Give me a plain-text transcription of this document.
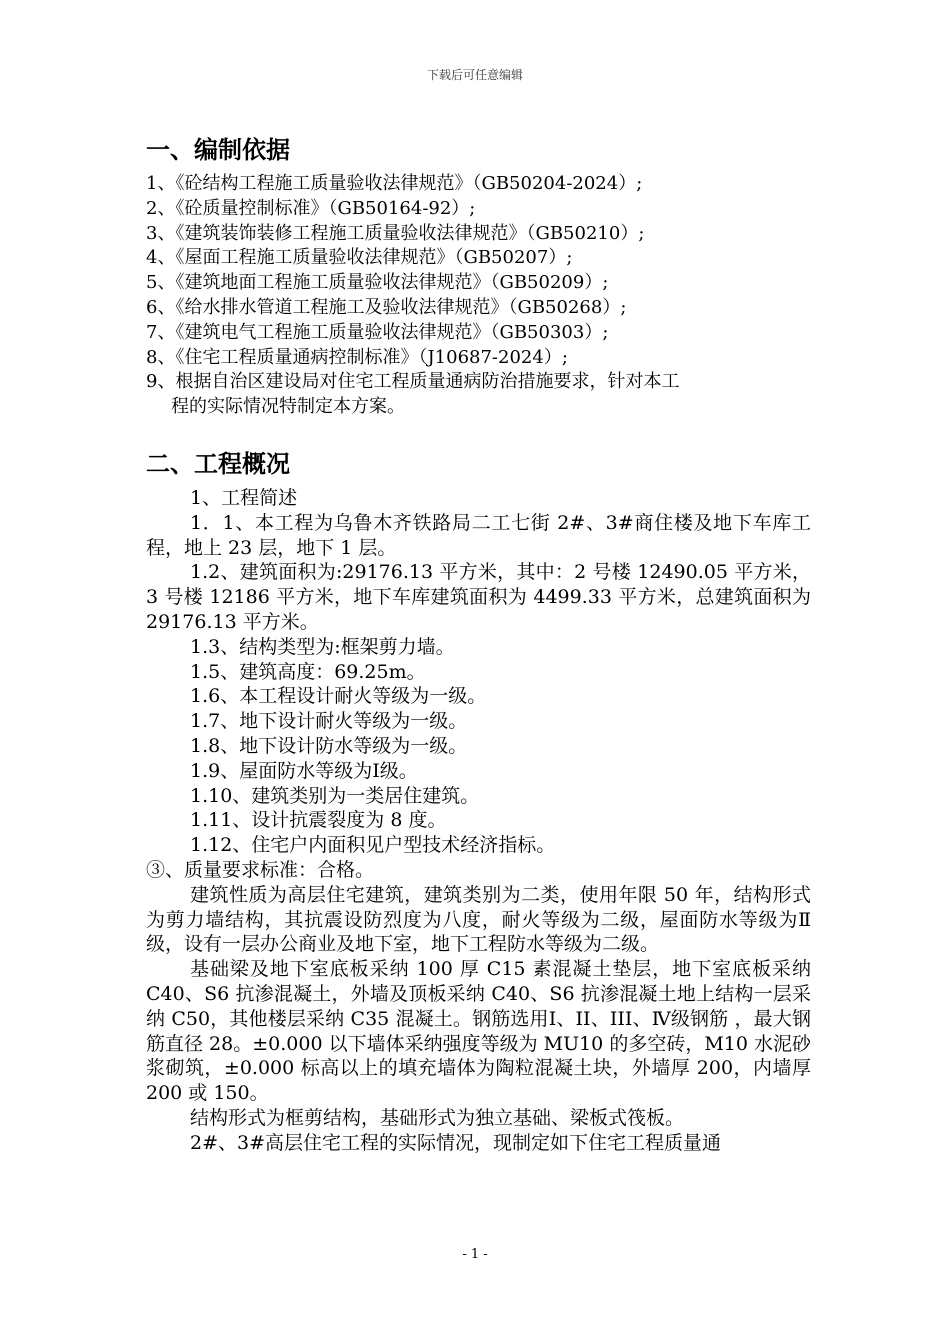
下载后可任意编辑
一、编制依据
1、《砼结构工程施工质量验收法律规范》（GB50204-2024）;
2、《砼质量控制标准》（GB50164-92）;
3、《建筑装饰装修工程施工质量验收法律规范》（GB50210）;
4、《屋面工程施工质量验收法律规范》（GB50207）;
5、《建筑地面工程施工质量验收法律规范》（GB50209）;
6、《给水排水管道工程施工及验收法律规范》（GB50268）;
7、《建筑电气工程施工质量验收法律规范》（GB50303）;
8、《住宅工程质量通病控制标准》（J10687-2024）;
9、根据自治区建设局对住宅工程质量通病防治措施要求，针对本工
程的实际情况特制定本方案。
二、工程概况
1、工程简述
1．1、本工程为乌鲁木齐铁路局二工七街 2#、3#商住楼及地下车库工程，地上 23 层，地下 1 层。
1.2、建筑面积为:29176.13 平方米，其中：2 号楼 12490.05 平方米，3 号楼 12186 平方米，地下车库建筑面积为 4499.33 平方米，总建筑面积为 29176.13 平方米。
1.3、结构类型为:框架剪力墙。
1.5、建筑高度：69.25m。
1.6、本工程设计耐火等级为一级。
1.7、地下设计耐火等级为一级。
1.8、地下设计防水等级为一级。
1.9、屋面防水等级为Ⅰ级。
1.10、建筑类别为一类居住建筑。
1.11、设计抗震裂度为 8 度。
1.12、住宅户内面积见户型技术经济指标。
③、质量要求标准：合格。
建筑性质为高层住宅建筑，建筑类别为二类，使用年限 50 年，结构形式为剪力墙结构，其抗震设防烈度为八度，耐火等级为二级，屋面防水等级为Ⅱ级，设有一层办公商业及地下室，地下工程防水等级为二级。
基础梁及地下室底板采纳 100 厚 C15 素混凝土垫层，地下室底板采纳 C40、S6 抗渗混凝土，外墙及顶板采纳 C40、S6 抗渗混凝土地上结构一层采纳 C50，其他楼层采纳 C35 混凝土。钢筋选用Ⅰ、II、III、Ⅳ级钢筋 ，最大钢筋直径 28。±0.000 以下墙体采纳强度等级为 MU10 的多空砖，M10 水泥砂浆砌筑，±0.000 标高以上的填充墙体为陶粒混凝土块，外墙厚 200，内墙厚 200 或 150。
结构形式为框剪结构，基础形式为独立基础、梁板式筏板。
2#、3#高层住宅工程的实际情况，现制定如下住宅工程质量通
- 1 -
